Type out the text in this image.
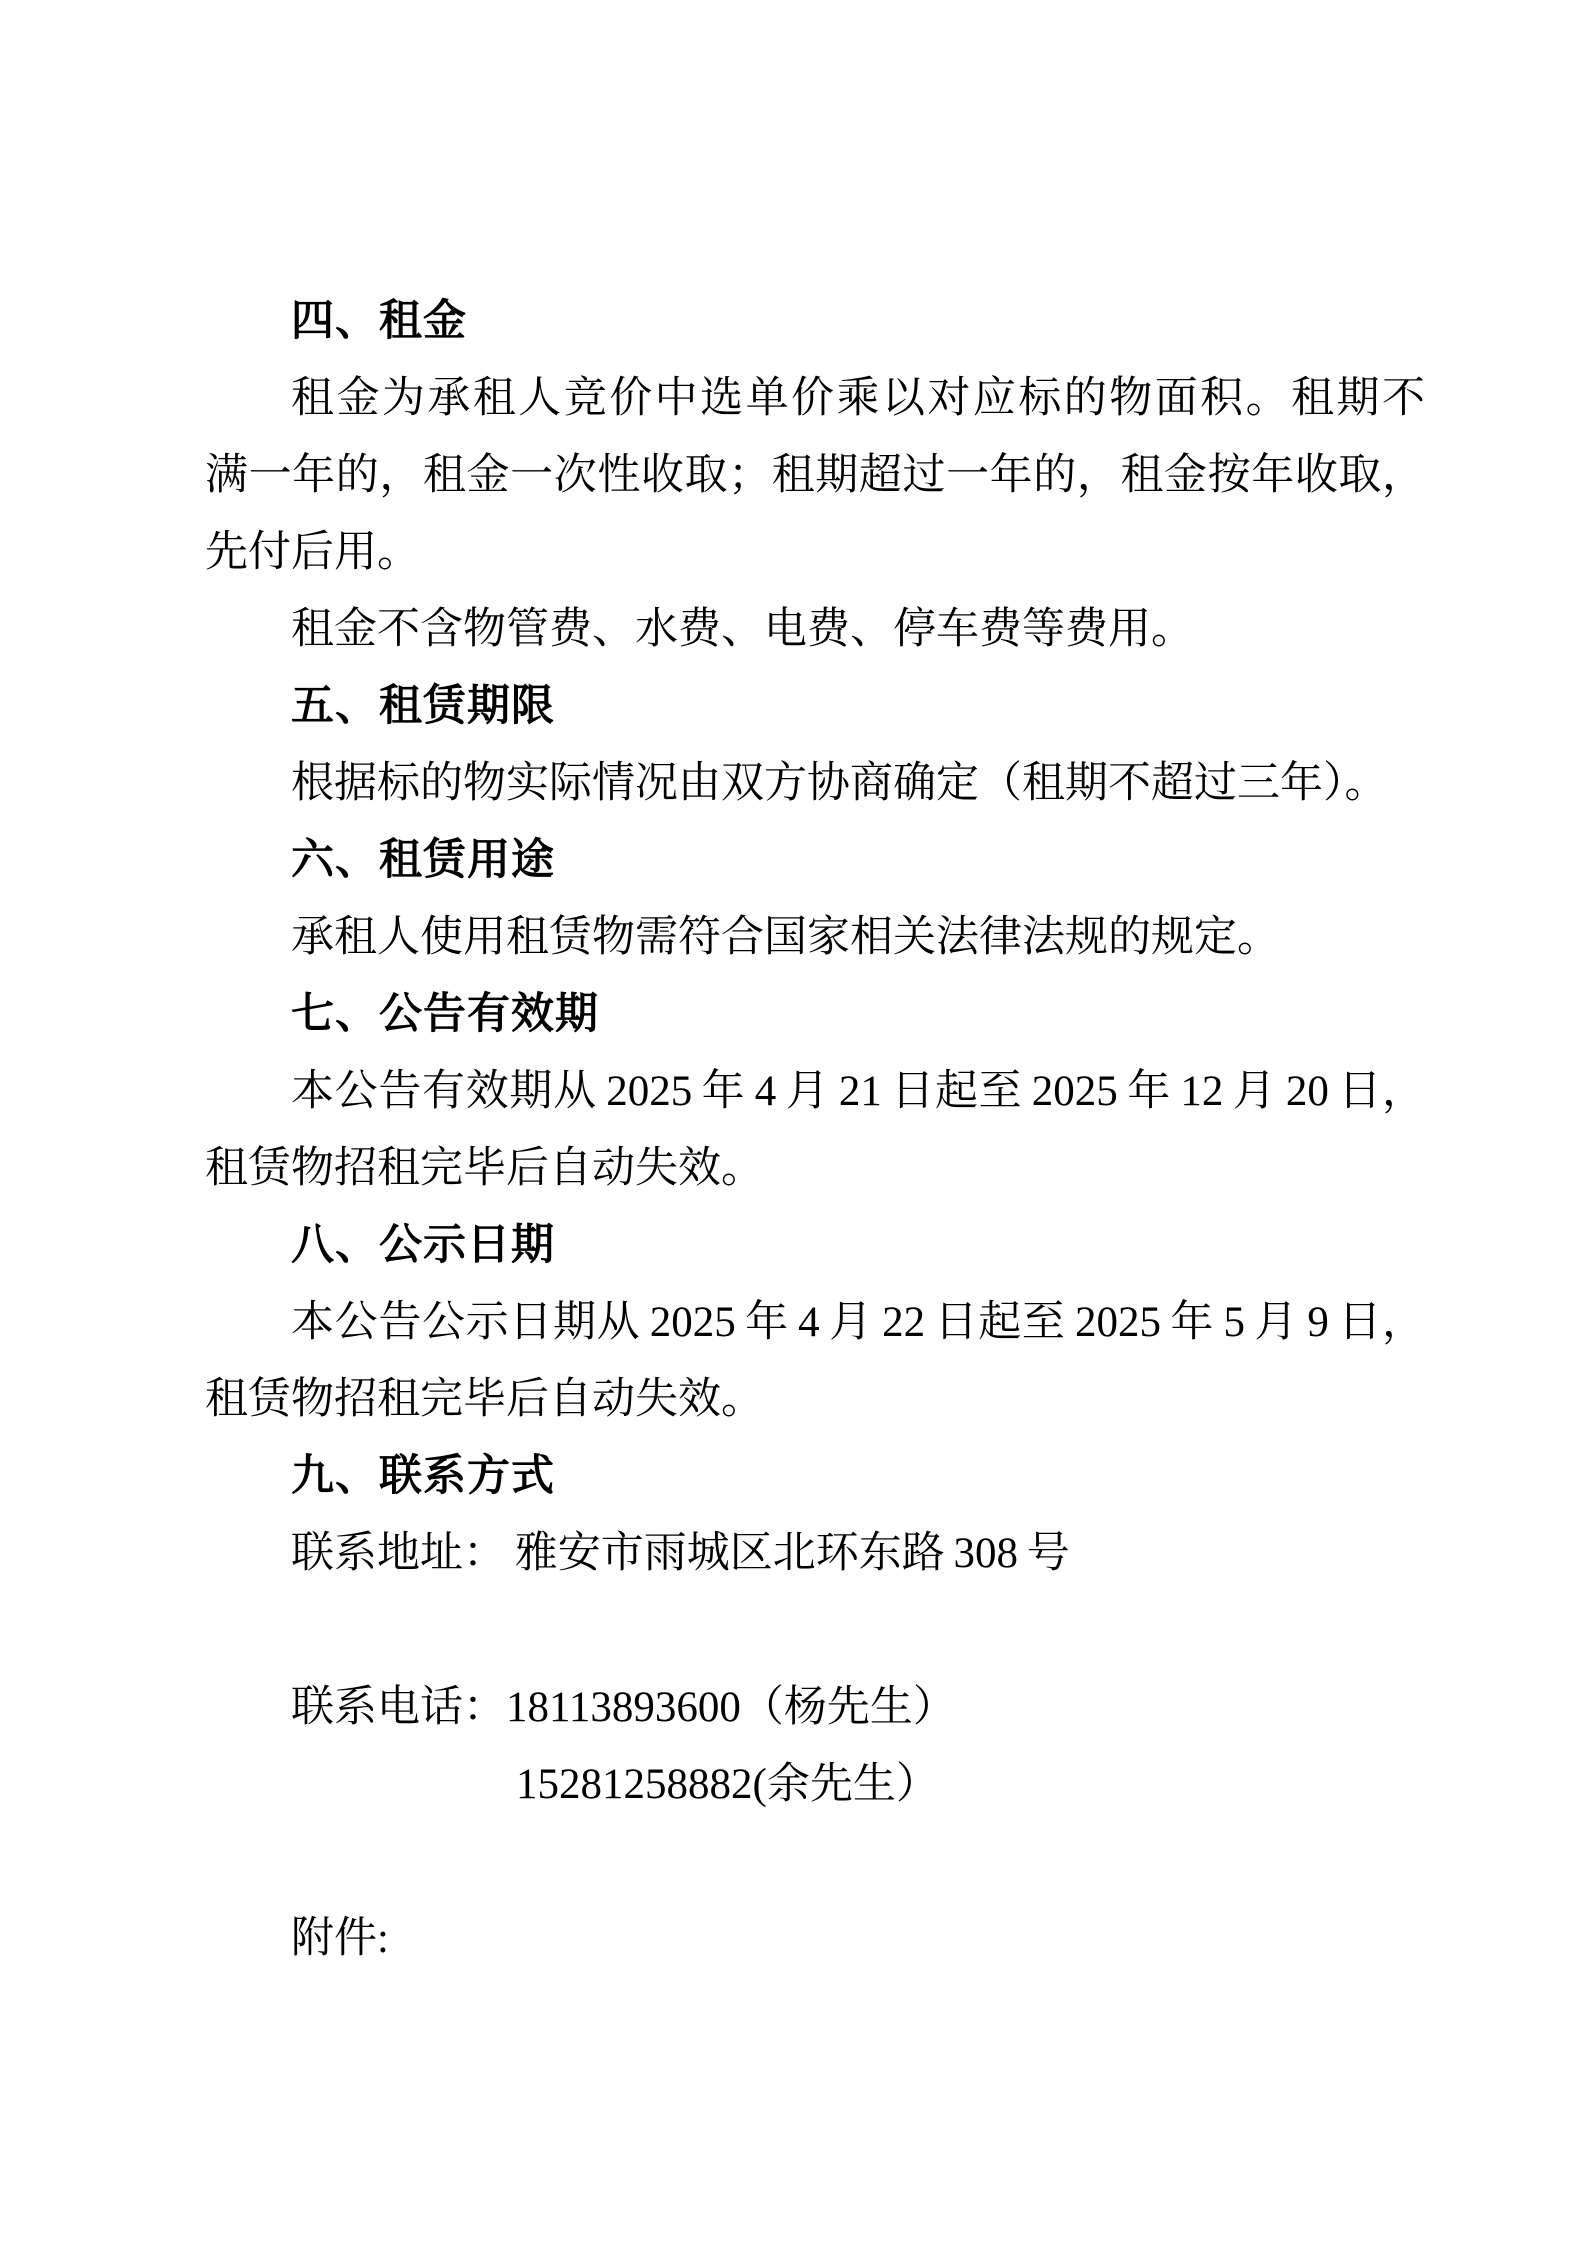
四、租金
租金为承租人竞价中选单价乘以对应标的物面积。租期不
满一年的，租金一次性收取；租期超过一年的，租金按年收取，
先付后用。
租金不含物管费、水费、电费、停车费等费用。
五、租赁期限
根据标的物实际情况由双方协商确定（租期不超过三年）。
六、租赁用途
承租人使用租赁物需符合国家相关法律法规的规定。
七、公告有效期
本公告有效期从 2025 年 4 月 21 日起至 2025 年 12 月 20 日，
租赁物招租完毕后自动失效。
八、公示日期
本公告公示日期从 2025 年 4 月 22 日起至 2025 年 5 月 9 日，
租赁物招租完毕后自动失效。
九、联系方式
联系地址： 雅安市雨城区北环东路 308 号
联系电话：18113893600（杨先生）
15281258882(余先生）
附件:
